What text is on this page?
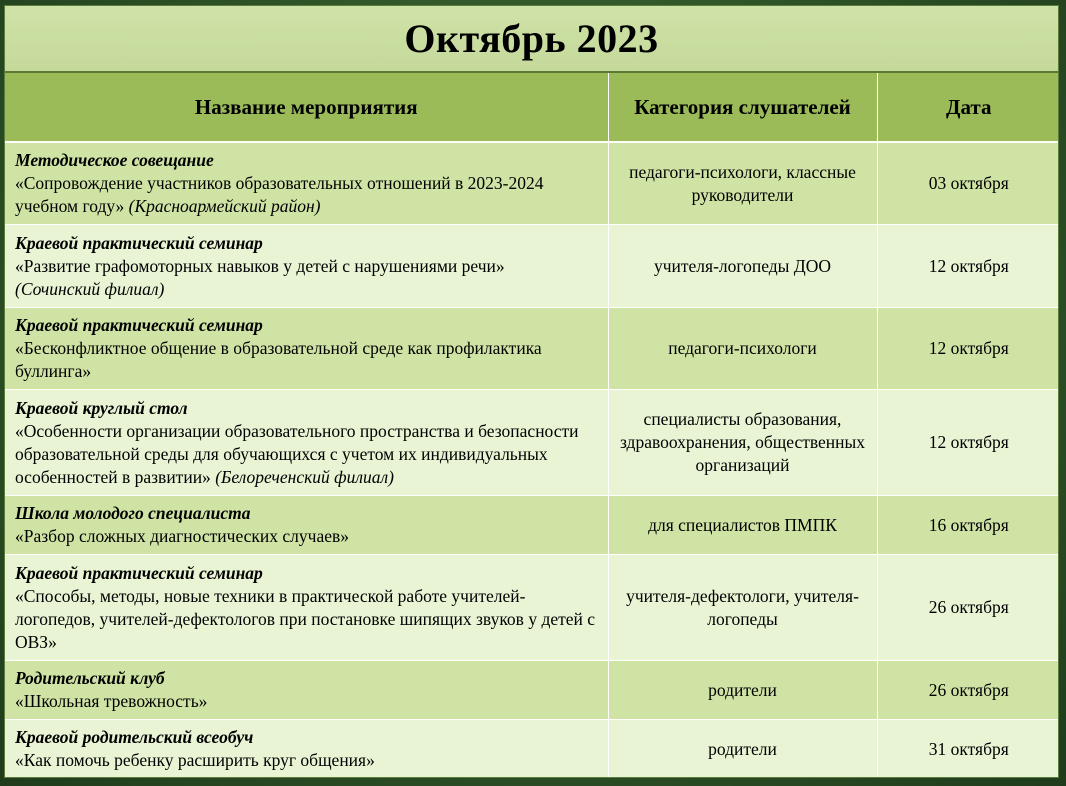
Октябрь 2023
Название мероприятия	Категория слушателей	Дата
Методическое совещание
«Сопровождение участников образовательных отношений в 2023-2024 учебном году» (Красноармейский район)	педагоги-психологи, классные руководители	03 октября
Краевой практический семинар
«Развитие графомоторных навыков у детей с нарушениями речи»
(Сочинский филиал)	учителя-логопеды ДОО	12 октября
Краевой практический семинар
«Бесконфликтное общение в образовательной среде как профилактика буллинга»	педагоги-психологи	12 октября
Краевой круглый стол
«Особенности организации образовательного пространства и безопасности образовательной среды для обучающихся с учетом их индивидуальных особенностей в развитии» (Белореченский филиал)	специалисты образования, здравоохранения, общественных организаций	12 октября
Школа молодого специалиста
«Разбор сложных диагностических случаев»	для специалистов ПМПК	16 октября
Краевой практический семинар
«Способы, методы, новые техники в практической работе учителей-логопедов, учителей-дефектологов при постановке шипящих звуков у детей с ОВЗ»	учителя-дефектологи, учителя-логопеды	26 октября
Родительский клуб
«Школьная тревожность»	родители	26 октября
Краевой родительский всеобуч
«Как помочь ребенку расширить круг общения»	родители	31 октября
